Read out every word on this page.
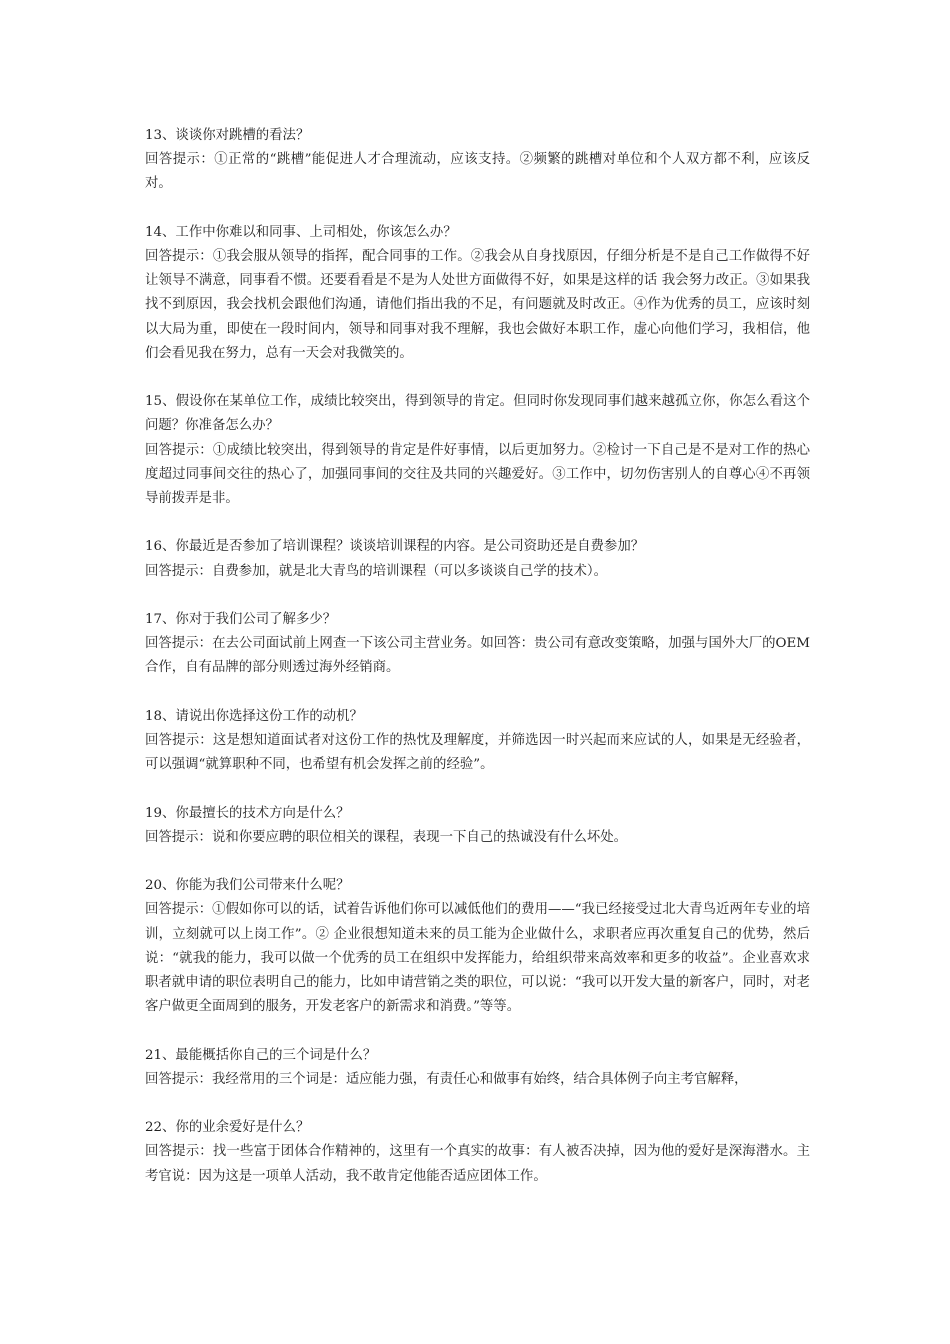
13、谈谈你对跳槽的看法？

回答提示：①正常的“跳槽”能促进人才合理流动，应该支持。②频繁的跳槽对单位和个人双方都不利，应该反对。

14、工作中你难以和同事、上司相处，你该怎么办？

回答提示：①我会服从领导的指挥，配合同事的工作。②我会从自身找原因，仔细分析是不是自己工作做得不好让领导不满意，同事看不惯。还要看看是不是为人处世方面做得不好，如果是这样的话 我会努力改正。③如果我找不到原因，我会找机会跟他们沟通，请他们指出我的不足，有问题就及时改正。④作为优秀的员工，应该时刻以大局为重，即使在一段时间内，领导和同事对我不理解，我也会做好本职工作，虚心向他们学习，我相信，他们会看见我在努力，总有一天会对我微笑的。

15、假设你在某单位工作，成绩比较突出，得到领导的肯定。但同时你发现同事们越来越孤立你，你怎么看这个问题？你准备怎么办？

回答提示：①成绩比较突出，得到领导的肯定是件好事情，以后更加努力。②检讨一下自己是不是对工作的热心度超过同事间交往的热心了，加强同事间的交往及共同的兴趣爱好。③工作中，切勿伤害别人的自尊心④不再领导前拨弄是非。

16、你最近是否参加了培训课程？谈谈培训课程的内容。是公司资助还是自费参加？

回答提示：自费参加，就是北大青鸟的培训课程（可以多谈谈自己学的技术）。

17、你对于我们公司了解多少？

回答提示：在去公司面试前上网查一下该公司主营业务。如回答：贵公司有意改变策略，加强与国外大厂的OEM合作，自有品牌的部分则透过海外经销商。

18、请说出你选择这份工作的动机？

回答提示：这是想知道面试者对这份工作的热忱及理解度，并筛选因一时兴起而来应试的人，如果是无经验者，可以强调“就算职种不同，也希望有机会发挥之前的经验”。

19、你最擅长的技术方向是什么？

回答提示：说和你要应聘的职位相关的课程，表现一下自己的热诚没有什么坏处。

20、你能为我们公司带来什么呢？

回答提示：①假如你可以的话，试着告诉他们你可以减低他们的费用——“我已经接受过北大青鸟近两年专业的培训，立刻就可以上岗工作”。② 企业很想知道未来的员工能为企业做什么，求职者应再次重复自己的优势，然后说：“就我的能力，我可以做一个优秀的员工在组织中发挥能力，给组织带来高效率和更多的收益”。企业喜欢求职者就申请的职位表明自己的能力，比如申请营销之类的职位，可以说：“我可以开发大量的新客户，同时，对老客户做更全面周到的服务，开发老客户的新需求和消费。”等等。

21、最能概括你自己的三个词是什么？

回答提示：我经常用的三个词是：适应能力强，有责任心和做事有始终，结合具体例子向主考官解释，

22、你的业余爱好是什么？

回答提示：找一些富于团体合作精神的，这里有一个真实的故事：有人被否决掉，因为他的爱好是深海潜水。主考官说：因为这是一项单人活动，我不敢肯定他能否适应团体工作。
